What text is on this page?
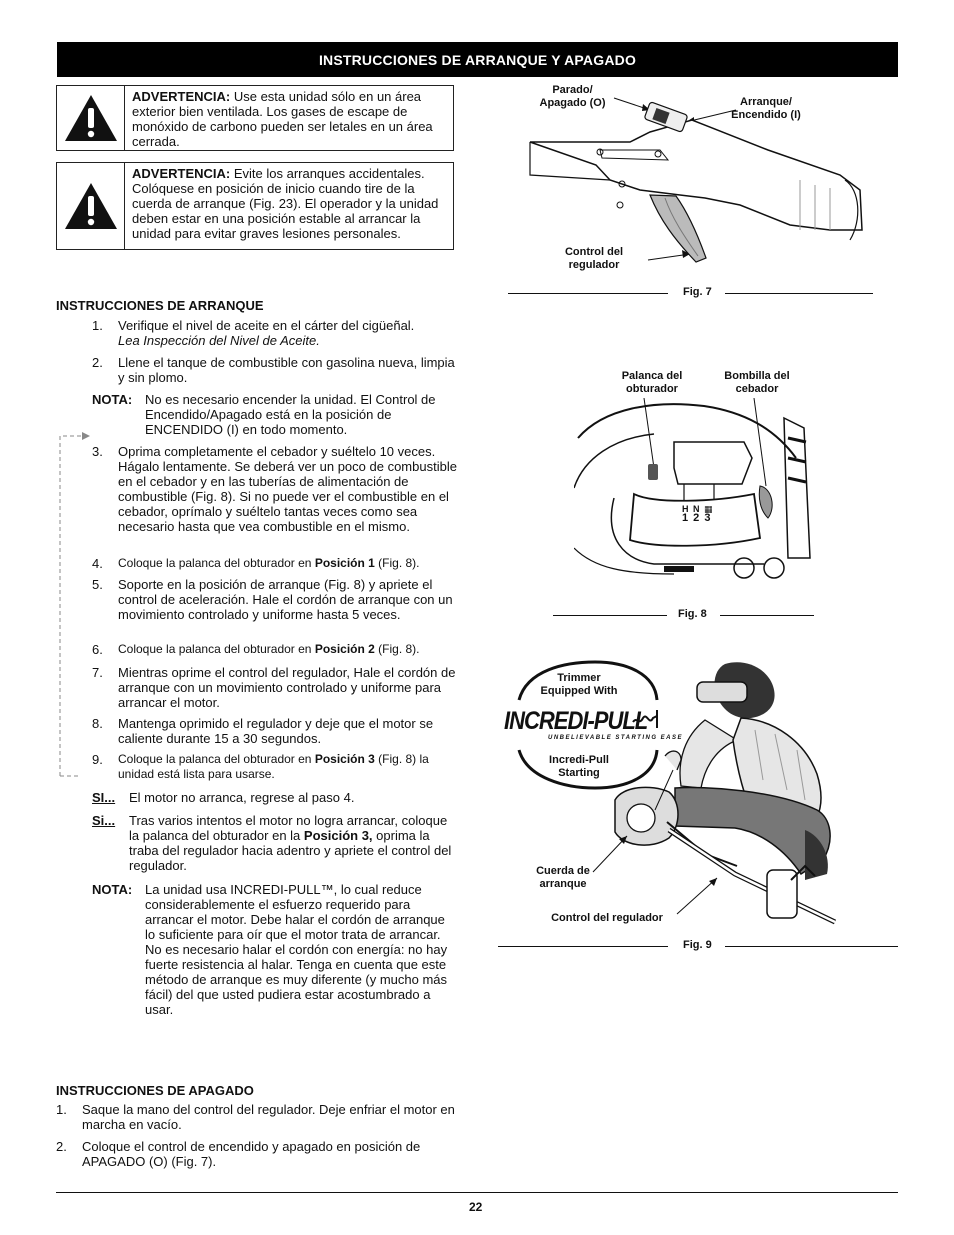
INSTRUCCIONES DE ARRANQUE Y APAGADO
ADVERTENCIA: Use esta unidad sólo en un área exterior bien ventilada. Los gases de escape de monóxido de carbono pueden ser letales en un área cerrada.
ADVERTENCIA: Evite los arranques accidentales. Colóquese en posición de inicio cuando tire de la cuerda de arranque (Fig. 23). El operador y la unidad deben estar en una posición estable al arrancar la unidad para evitar graves lesiones personales.
INSTRUCCIONES DE ARRANQUE
1.	Verifique el nivel de aceite en el cárter del cigüeñal.
Lea Inspección del Nivel de Aceite.
2.	Llene el tanque de combustible con gasolina nueva, limpia y sin plomo.
NOTA: No es necesario encender la unidad. El Control de Encendido/Apagado está en la posición de ENCENDIDO (I) en todo momento.
3.	Oprima completamente el cebador y suéltelo 10 veces. Hágalo lentamente. Se deberá ver un poco de combustible en el cebador y en las tuberías de alimentación de combustible (Fig. 8). Si no puede ver el combustible en el cebador, oprímalo y suéltelo tantas veces como sea necesario hasta que vea combustible en el mismo.
4.	Coloque la palanca del obturador en Posición 1 (Fig. 8).
5.	Soporte en la posición de arranque (Fig. 8) y apriete el control de aceleración. Hale el cordón de arranque con un movimiento controlado y uniforme hasta 5 veces.
6.	Coloque la palanca del obturador en Posición 2 (Fig. 8).
7.	Mientras oprime el control del regulador, Hale el cordón de arranque con un movimiento controlado y uniforme para arrancar el motor.
8.	Mantenga oprimido el regulador y deje que el motor se caliente durante 15 a 30 segundos.
9.	Coloque la palanca del obturador en Posición 3 (Fig. 8) la unidad está lista para usarse.
SI... El motor no arranca, regrese al paso 4.
Si... Tras varios intentos el motor no logra arrancar, coloque la palanca del obturador en la Posición 3, oprima la traba del regulador hacia adentro y apriete el control del regulador.
NOTA: La unidad usa INCREDI-PULL™, lo cual reduce considerablemente el esfuerzo requerido para arrancar el motor. Debe halar el cordón de arranque lo suficiente para oír que el motor trata de arrancar. No es necesario halar el cordón con energía: no hay fuerte resistencia al halar. Tenga en cuenta que este método de arranque es muy diferente (y mucho más fácil) del que usted pudiera estar acostumbrado a usar.
INSTRUCCIONES DE APAGADO
1. Saque la mano del control del regulador. Deje enfriar el motor en marcha en vacío.
2. Coloque el control de encendido y apagado en posición de APAGADO (O) (Fig. 7).
Parado/
Apagado (O)	Arranque/
Encendido (I)
Control del
regulador
Fig. 7
Palanca del
obturador
Bombilla del
cebador
H N ▦
1 2 3
Fig. 8
Trimmer
Equipped With
INCREDI-PULL
UNBELIEVABLE STARTING EASE
Incredi-Pull
Starting
Cuerda de
arranque
Control del regulador
Fig. 9
22
